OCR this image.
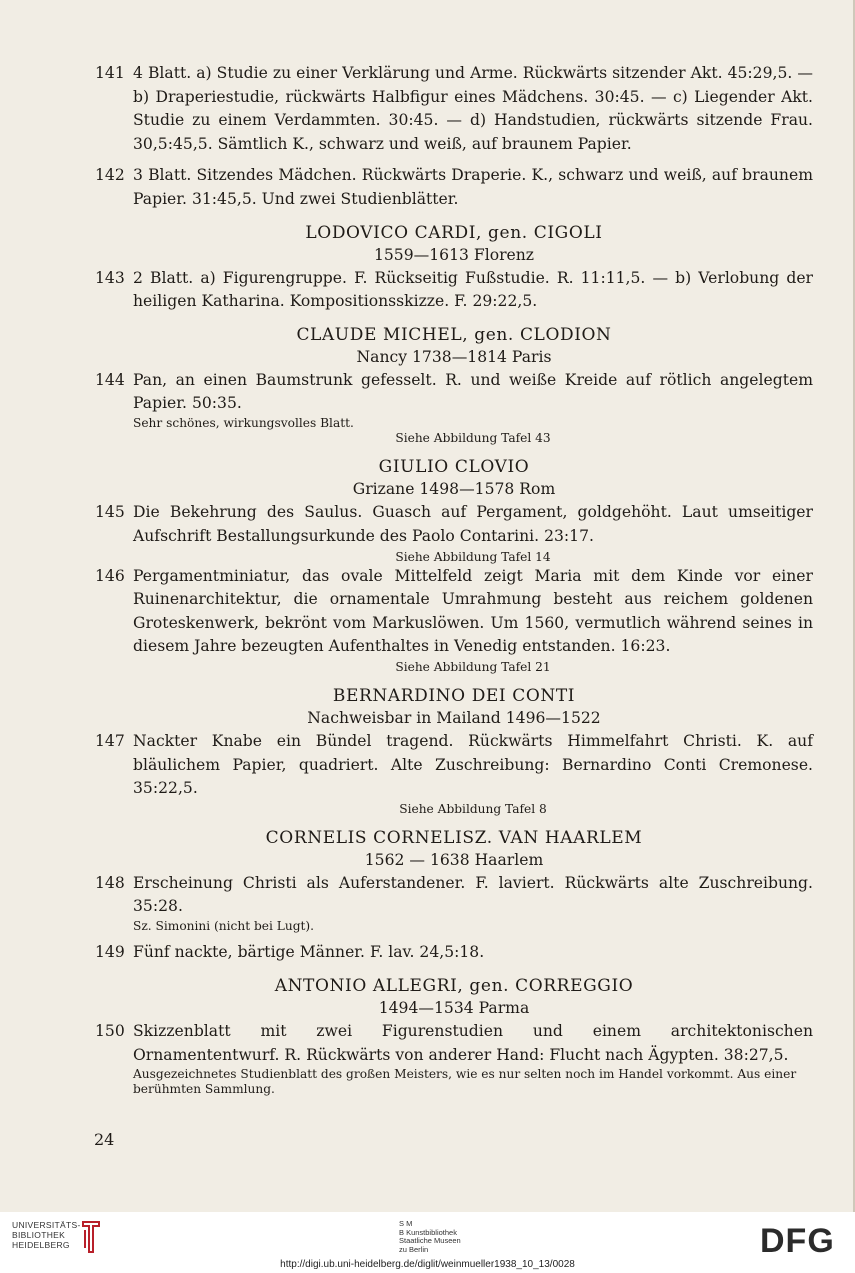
141 4 Blatt. a) Studie zu einer Verklärung und Arme. Rückwärts sitzender Akt. 45:29,5. — b) Draperiestudie, rückwärts Halbfigur eines Mädchens. 30:45. — c) Liegender Akt. Studie zu einem Verdammten. 30:45. — d) Handstudien, rückwärts sitzende Frau. 30,5:45,5. Sämtlich K., schwarz und weiß, auf braunem Papier.
142 3 Blatt. Sitzendes Mädchen. Rückwärts Draperie. K., schwarz und weiß, auf braunem Papier. 31:45,5. Und zwei Studienblätter.
LODOVICO CARDI, gen. CIGOLI
1559—1613 Florenz
143 2 Blatt. a) Figurengruppe. F. Rückseitig Fußstudie. R. 11:11,5. — b) Verlobung der heiligen Katharina. Kompositionsskizze. F. 29:22,5.
CLAUDE MICHEL, gen. CLODION
Nancy 1738—1814 Paris
144 Pan, an einen Baumstrunk gefesselt. R. und weiße Kreide auf rötlich angelegtem Papier. 50:35.
Sehr schönes, wirkungsvolles Blatt.
Siehe Abbildung Tafel 43
GIULIO CLOVIO
Grizane 1498—1578 Rom
145 Die Bekehrung des Saulus. Guasch auf Pergament, goldgehöht. Laut umseitiger Aufschrift Bestallungsurkunde des Paolo Contarini. 23:17.
Siehe Abbildung Tafel 14
146 Pergamentminiatur, das ovale Mittelfeld zeigt Maria mit dem Kinde vor einer Ruinenarchitektur, die ornamentale Umrahmung besteht aus reichem goldenen Groteskenwerk, bekrönt vom Markuslöwen. Um 1560, vermutlich während seines in diesem Jahre bezeugten Aufenthaltes in Venedig entstanden. 16:23.
Siehe Abbildung Tafel 21
BERNARDINO DEI CONTI
Nachweisbar in Mailand 1496—1522
147 Nackter Knabe ein Bündel tragend. Rückwärts Himmelfahrt Christi. K. auf bläulichem Papier, quadriert. Alte Zuschreibung: Bernardino Conti Cremonese. 35:22,5.
Siehe Abbildung Tafel 8
CORNELIS CORNELISZ. VAN HAARLEM
1562 — 1638 Haarlem
148 Erscheinung Christi als Auferstandener. F. laviert. Rückwärts alte Zuschreibung. 35:28.
Sz. Simonini (nicht bei Lugt).
149 Fünf nackte, bärtige Männer. F. lav. 24,5:18.
ANTONIO ALLEGRI, gen. CORREGGIO
1494—1534 Parma
150 Skizzenblatt mit zwei Figurenstudien und einem architektonischen Ornamententwurf. R. Rückwärts von anderer Hand: Flucht nach Ägypten. 38:27,5.
Ausgezeichnetes Studienblatt des großen Meisters, wie es nur selten noch im Handel vorkommt. Aus einer berühmten Sammlung.
24
UNIVERSITÄTS-
BIBLIOTHEK
HEIDELBERG
S M
B Kunstbibliothek
Staatliche Museen
zu Berlin
http://digi.ub.uni-heidelberg.de/diglit/weinmueller1938_10_13/0028
DFG
